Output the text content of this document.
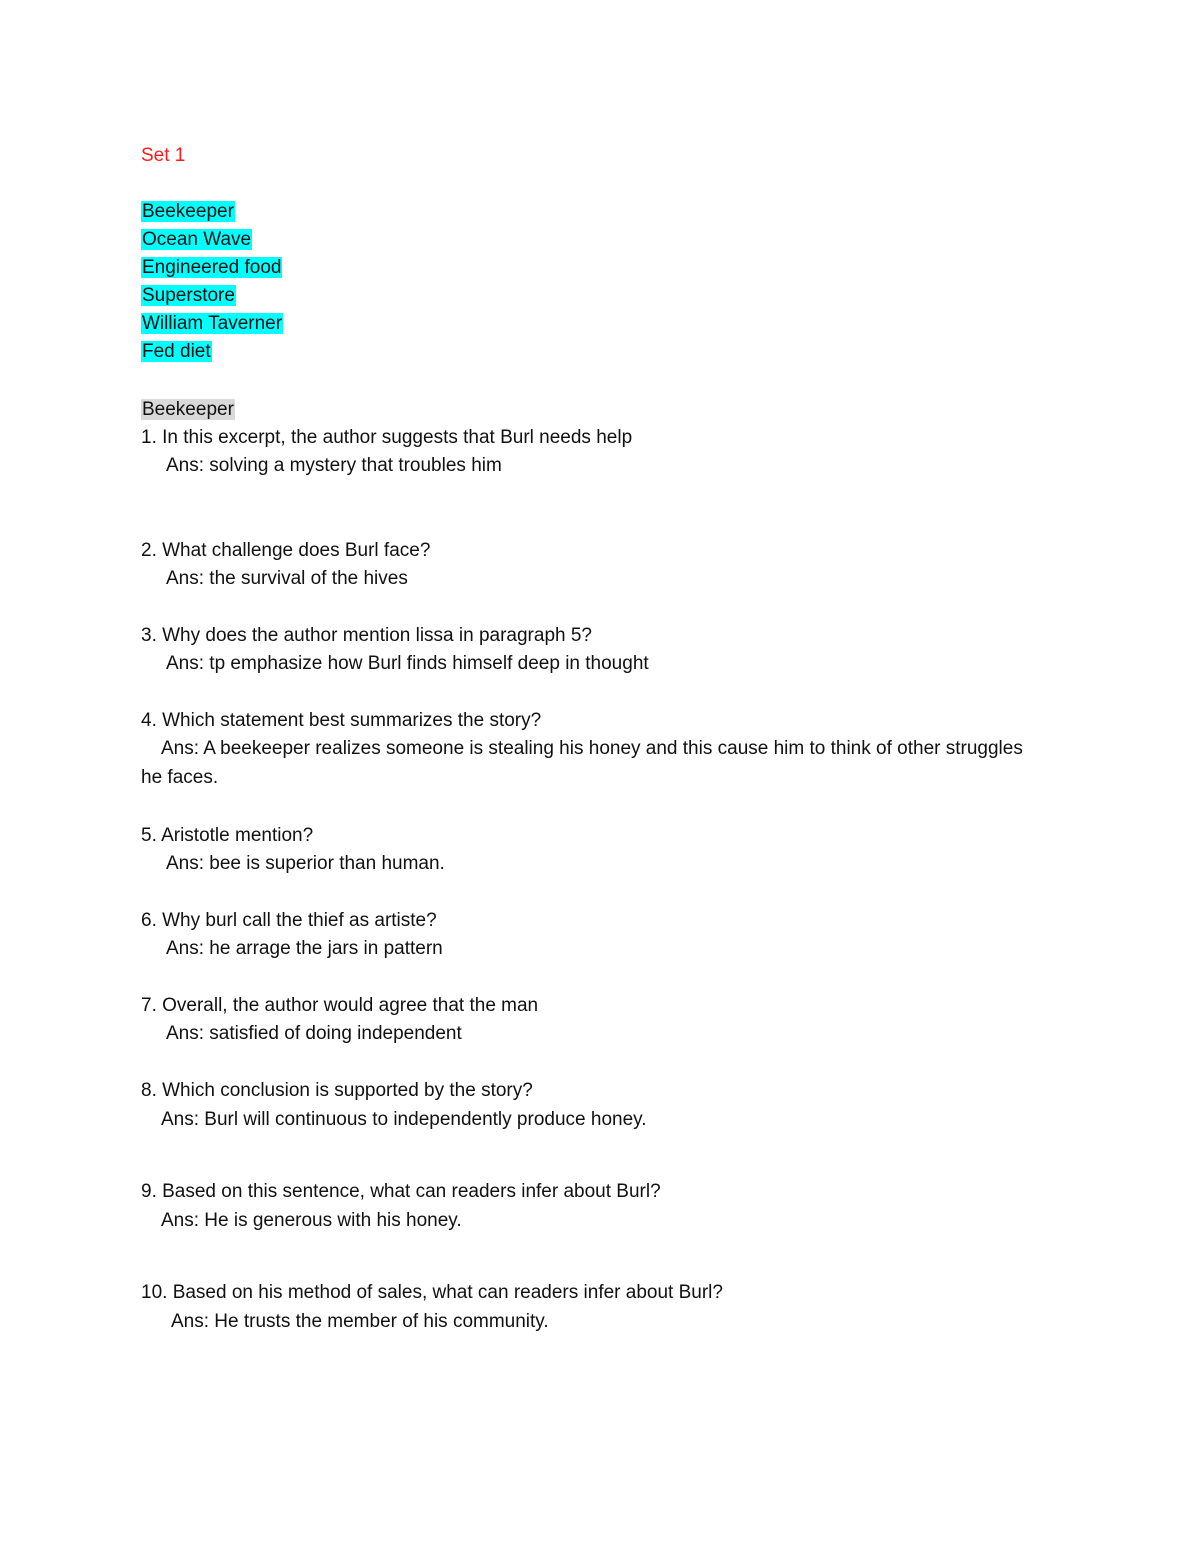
Set 1
Beekeeper
Ocean Wave
Engineered food
Superstore
William Taverner
Fed diet
Beekeeper
1. In this excerpt, the author suggests that Burl needs help
Ans: solving a mystery that troubles him
2. What challenge does Burl face?
Ans: the survival of the hives
3. Why does the author mention lissa in paragraph 5?
Ans: tp emphasize how Burl finds himself deep in thought
4. Which statement best summarizes the story?
Ans: A beekeeper realizes someone is stealing his honey and this cause him to think of other struggles
he faces.
5. Aristotle mention?
Ans: bee is superior than human.
6. Why burl call the thief as artiste?
Ans: he arrage the jars in pattern
7. Overall, the author would agree that the man
Ans: satisfied of doing independent
8. Which conclusion is supported by the story?
Ans: Burl will continuous to independently produce honey.
9. Based on this sentence, what can readers infer about Burl?
Ans: He is generous with his honey.
10. Based on his method of sales, what can readers infer about Burl?
Ans: He trusts the member of his community.
